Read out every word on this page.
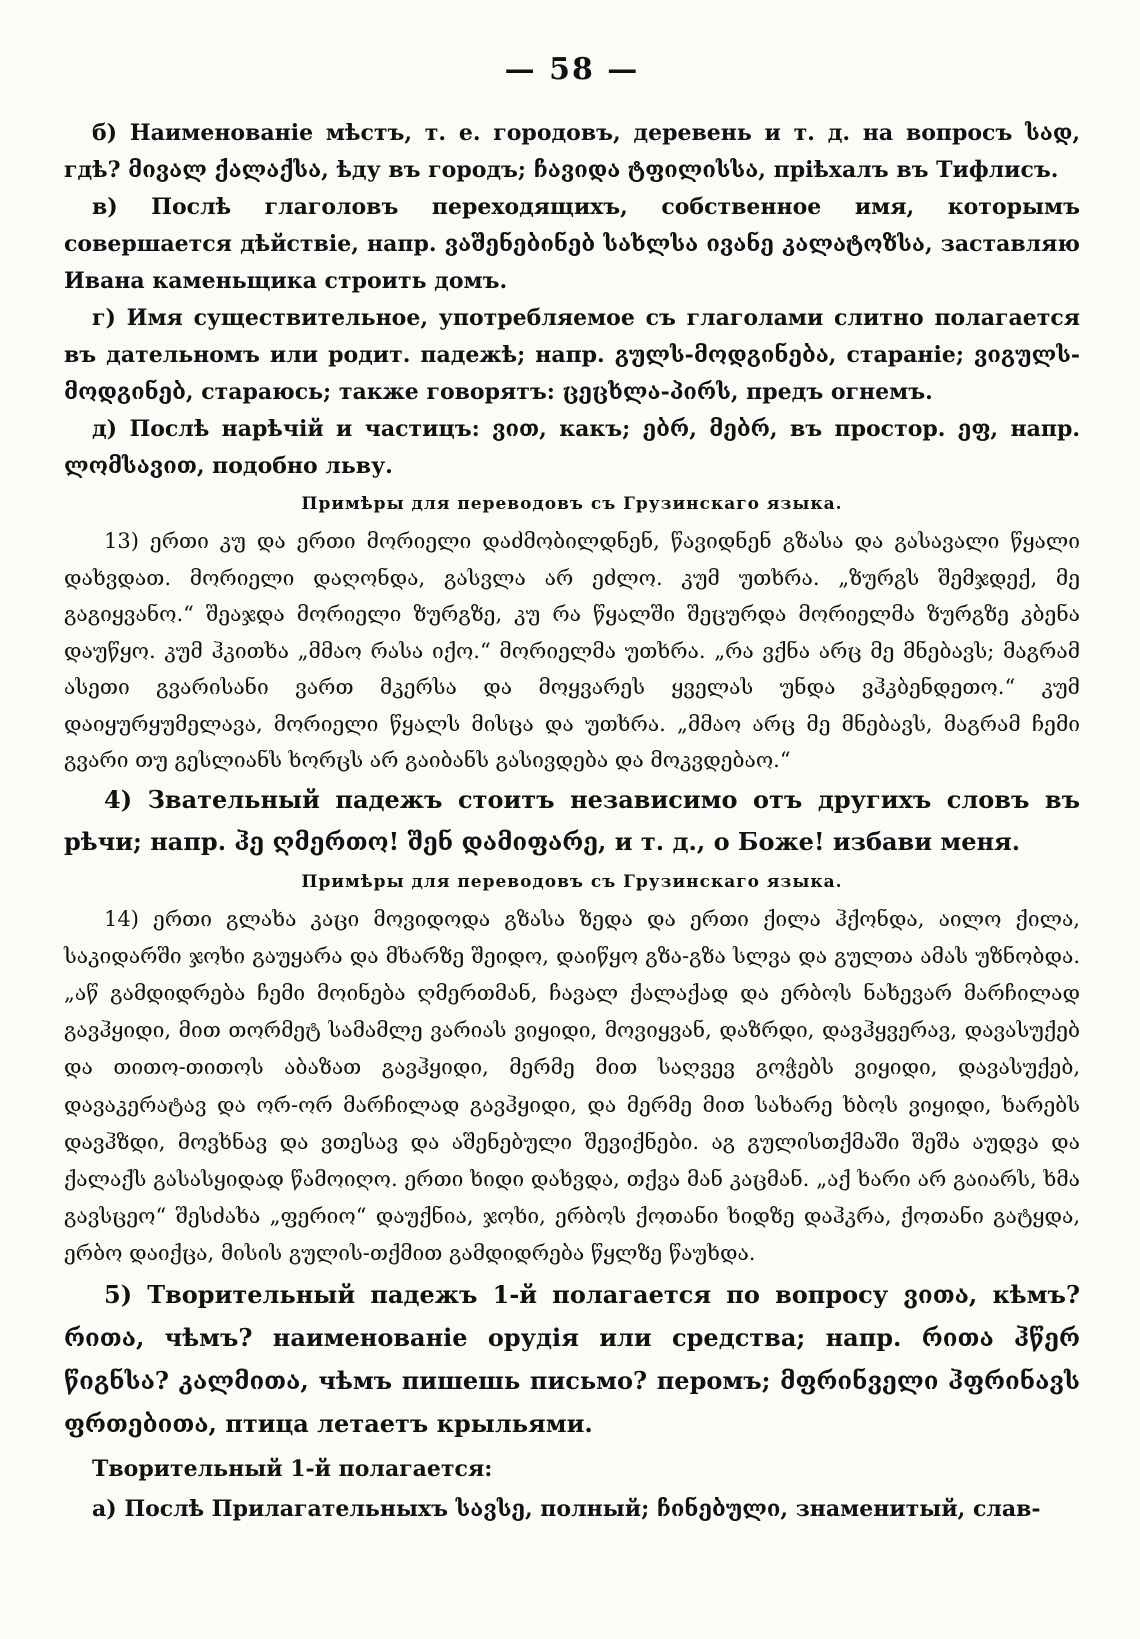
— 58 —

б) Наименованіе мѣстъ, т. е. городовъ, деревень и т. д. на вопросъ სად, гдѣ? მივალ ქალაქსა, ѣду въ городъ; ჩავიდა ტფილისსა, пріѣхалъ въ Тифлисъ.

в) Послѣ глаголовъ переходящихъ, собственное имя, которымъ совершается дѣйствіе, напр. ვაშენებინებ სახლსა ივანე კალატოზსა, заставляю Ивана каменьщика строить домъ.

г) Имя существительное, употребляемое съ глаголами слитно полагается въ дательномъ или родит. падежѣ; напр. გულს-მოდგინება, стараніе; ვიგულს-მოდგინებ, стараюсь; также говорятъ: ცეცხლა-პირს, предъ огнемъ.

д) Послѣ нарѣчій и частицъ: ვით, какъ; ებრ, მებრ, въ простор. ეფ, напр. ლომსავით, подобно льву.

Примѣры для переводовъ съ Грузинскаго языка.

13) ერთი კუ და ერთი მორიელი დაძმობილდნენ, წავიდნენ გზასა და გასავალი წყალი დახვდათ. მორიელი დაღონდა, გასვლა არ ეძლო. კუმ უთხრა. „ზურგს შემჯდექ, მე გაგიყვანო.“ შეაჯდა მორიელი ზურგზე, კუ რა წყალში შეცურდა მორიელმა ზურგზე კბენა დაუწყო. კუმ ჰკითხა „მმაო რასა იქო.“ მორიელმა უთხრა. „რა ვქნა არც მე მნებავს; მაგრამ ასეთი გვარისანი ვართ მკერსა და მოყვარეს ყველას უნდა ვჰკბენდეთო.“ კუმ დაიყურყუმელავა, მორიელი წყალს მისცა და უთხრა. „მმაო არც მე მნებავს, მაგრამ ჩემი გვარი თუ გესლიანს ხორცს არ გაიბანს გასივდება და მოკვდებაო.“

4) Звательный падежъ стоитъ независимо отъ другихъ словъ въ рѣчи; напр. ჰე ღმერთო! შენ დამიფარე, и т. д., о Боже! избави меня.

Примѣры для переводовъ съ Грузинскаго языка.

14) ერთი გლახა კაცი მოვიდოდა გზასა ზედა და ერთი ქილა ჰქონდა, აილო ქილა, საკიდარში ჯოხი გაუყარა და მხარზე შეიდო, დაიწყო გზა-გზა სლვა და გულთა ამას უზნობდა. „აწ გამდიდრება ჩემი მოინება ღმერთმან, ჩავალ ქალაქად და ერბოს ნახევარ მარჩილად გავჰყიდი, მით თორმეტ სამამლე ვარიას ვიყიდი, მოვიყვან, დაზრდი, დავჰყვერავ, დავასუქებ და თითო-თითოს აბაზათ გავჰყიდი, მერმე მით საღვევ გოჭებს ვიყიდი, დავასუქებ, დავაკერატავ და ორ-ორ მარჩილად გავჰყიდი, და მერმე მით სახარე ხბოს ვიყიდი, ხარებს დავჰზდი, მოვხნავ და ვთესავ და აშენებული შევიქნები. აგ გულისთქმაში შეშა აუდვა და ქალაქს გასასყიდად წამოიღო. ერთი ხიდი დახვდა, თქვა მან კაცმან. „აქ ხარი არ გაიარს, ხმა გავსცეო“ შესძახა „ფერიო“ დაუქნია, ჯოხი, ერბოს ქოთანი ხიდზე დაჰკრა, ქოთანი გატყდა, ერბო დაიქცა, მისის გულის-თქმით გამდიდრება წყლზე წაუხდა.

5) Творительный падежъ 1-й полагается по вопросу ვითა, кѣмъ? რითა, чѣмъ? наименованіе орудія или средства; напр. რითა ჰწერ წიგნსა? კალმითა, чѣмъ пишешь письмо? перомъ; მფრინველი ჰფრინავს ფრთებითა, птица летаетъ крыльями.

Творительный 1-й полагается:

а) Послѣ Прилагательныхъ სავსე, полный; ჩინებული, знаменитый, слав-
